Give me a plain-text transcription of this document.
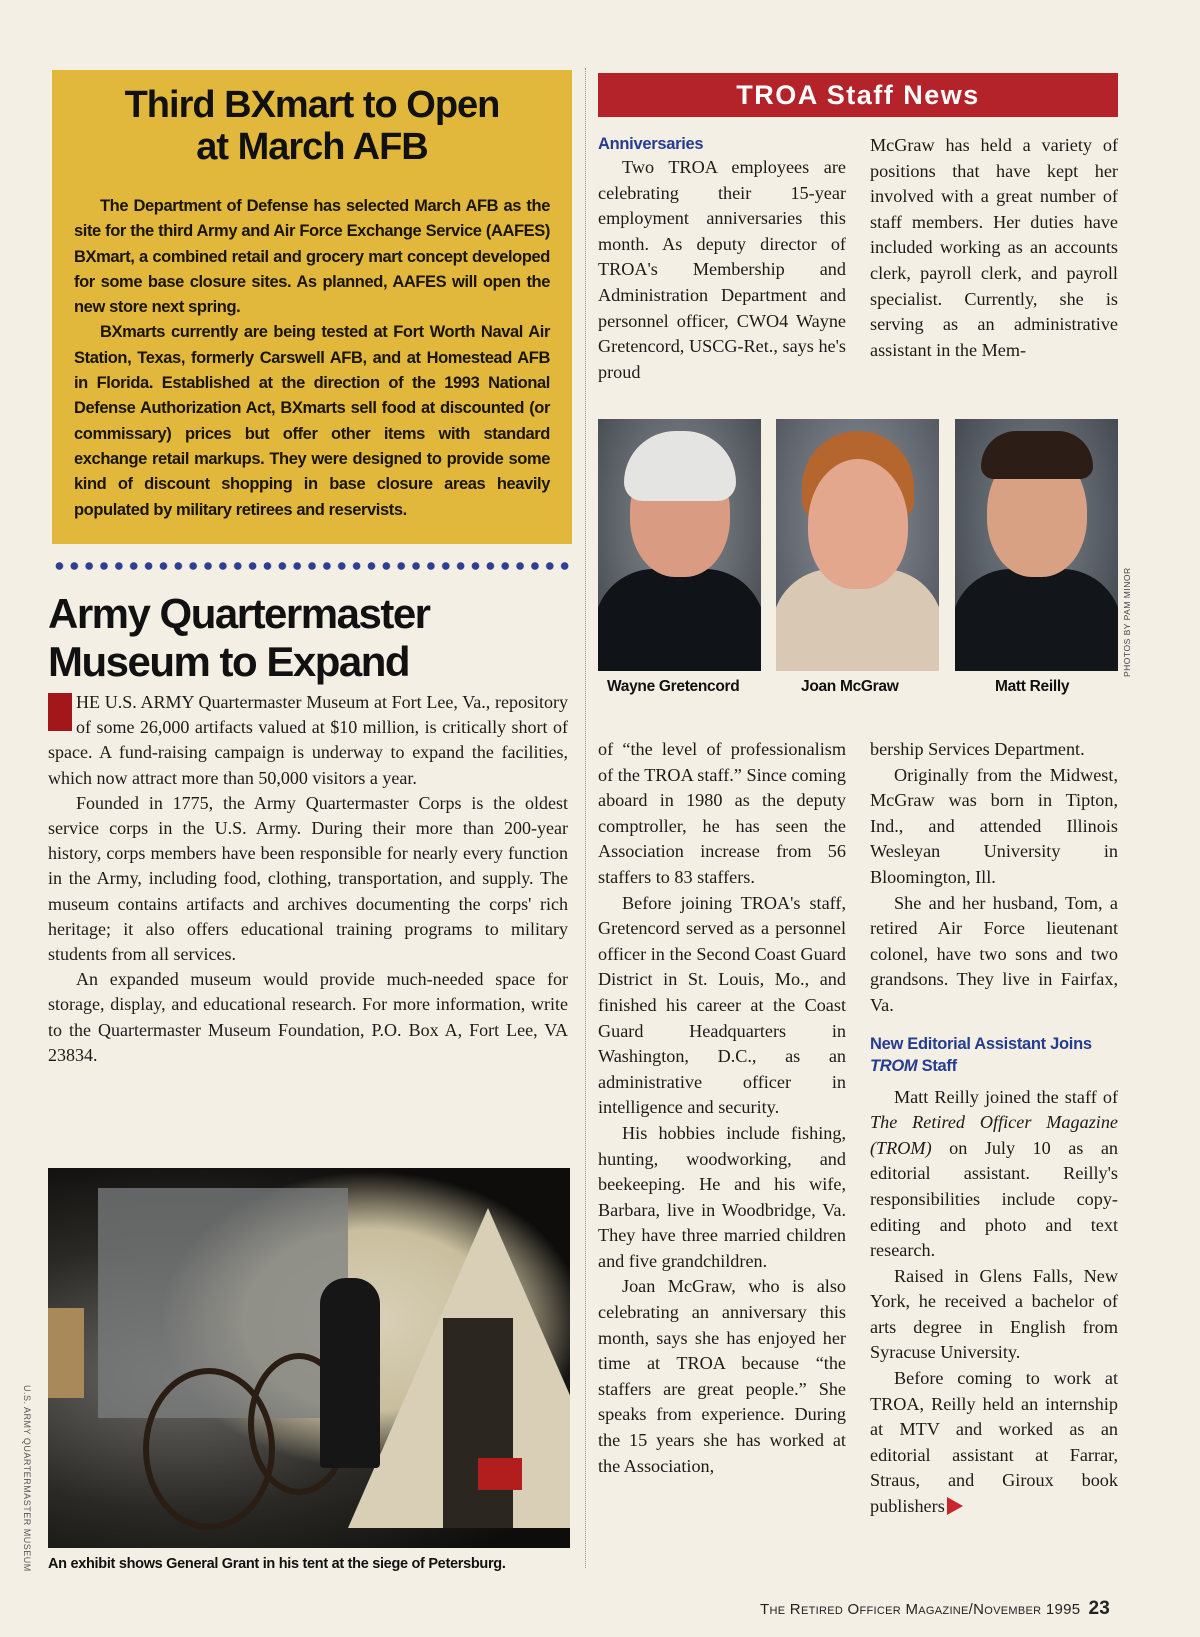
Third BXmart to Open
at March AFB

The Department of Defense has selected March AFB as the site for the third Army and Air Force Exchange Service (AAFES) BXmart, a combined retail and grocery mart concept developed for some base closure sites. As planned, AAFES will open the new store next spring.

BXmarts currently are being tested at Fort Worth Naval Air Station, Texas, formerly Carswell AFB, and at Homestead AFB in Florida. Established at the direction of the 1993 National Defense Authorization Act, BXmarts sell food at discounted (or commissary) prices but offer other items with standard exchange retail markups. They were designed to provide some kind of discount shopping in base closure areas heavily populated by military retirees and reservists.

Army Quartermaster
Museum to Expand

HE U.S. ARMY Quartermaster Museum at Fort Lee, Va., repository of some 26,000 artifacts valued at $10 million, is critically short of space. A fund-raising campaign is underway to expand the facilities, which now attract more than 50,000 visitors a year.

Founded in 1775, the Army Quartermaster Corps is the oldest service corps in the U.S. Army. During their more than 200-year history, corps members have been responsible for nearly every function in the Army, including food, clothing, transportation, and supply. The museum contains artifacts and archives documenting the corps' rich heritage; it also offers educational training programs to military students from all services.

An expanded museum would provide much-needed space for storage, display, and educational research. For more information, write to the Quartermaster Museum Foundation, P.O. Box A, Fort Lee, VA 23834.

U.S. ARMY QUARTERMASTER MUSEUM An exhibit shows General Grant in his tent at the siege of Petersburg.
TROA Staff News
Anniversaries

Two TROA employees are celebrating their 15-year employment anniversaries this month. As deputy director of TROA's Membership and Administration Department and personnel officer, CWO4 Wayne Gretencord, USCG-Ret., says he's proud

McGraw has held a variety of positions that have kept her involved with a great number of staff members. Her duties have included working as an accounts clerk, payroll clerk, and payroll specialist. Currently, she is serving as an administrative assistant in the Mem-

Wayne Gretencord	Joan McGraw	Matt Reilly
PHOTOS BY PAM MINOR

of “the level of professionalism of the TROA staff.” Since coming aboard in 1980 as the deputy comptroller, he has seen the Association increase from 56 staffers to 83 staffers.

Before joining TROA's staff, Gretencord served as a personnel officer in the Second Coast Guard District in St. Louis, Mo., and finished his career at the Coast Guard Headquarters in Washington, D.C., as an administrative officer in intelligence and security.

His hobbies include fishing, hunting, woodworking, and beekeeping. He and his wife, Barbara, live in Woodbridge, Va. They have three married children and five grandchildren.

Joan McGraw, who is also celebrating an anniversary this month, says she has enjoyed her time at TROA because “the staffers are great people.” She speaks from experience. During the 15 years she has worked at the Association,

bership Services Department.

Originally from the Midwest, McGraw was born in Tipton, Ind., and attended Illinois Wesleyan University in Bloomington, Ill.

She and her husband, Tom, a retired Air Force lieutenant colonel, have two sons and two grandsons. They live in Fairfax, Va.

New Editorial Assistant Joins
TROM Staff

Matt Reilly joined the staff of The Retired Officer Magazine (TROM) on July 10 as an editorial assistant. Reilly's responsibilities include copy-editing and photo and text research.

Raised in Glens Falls, New York, he received a bachelor of arts degree in English from Syracuse University.

Before coming to work at TROA, Reilly held an internship at MTV and worked as an editorial assistant at Farrar, Straus, and Giroux book publishers

The Retired Officer Magazine/November 1995 23
